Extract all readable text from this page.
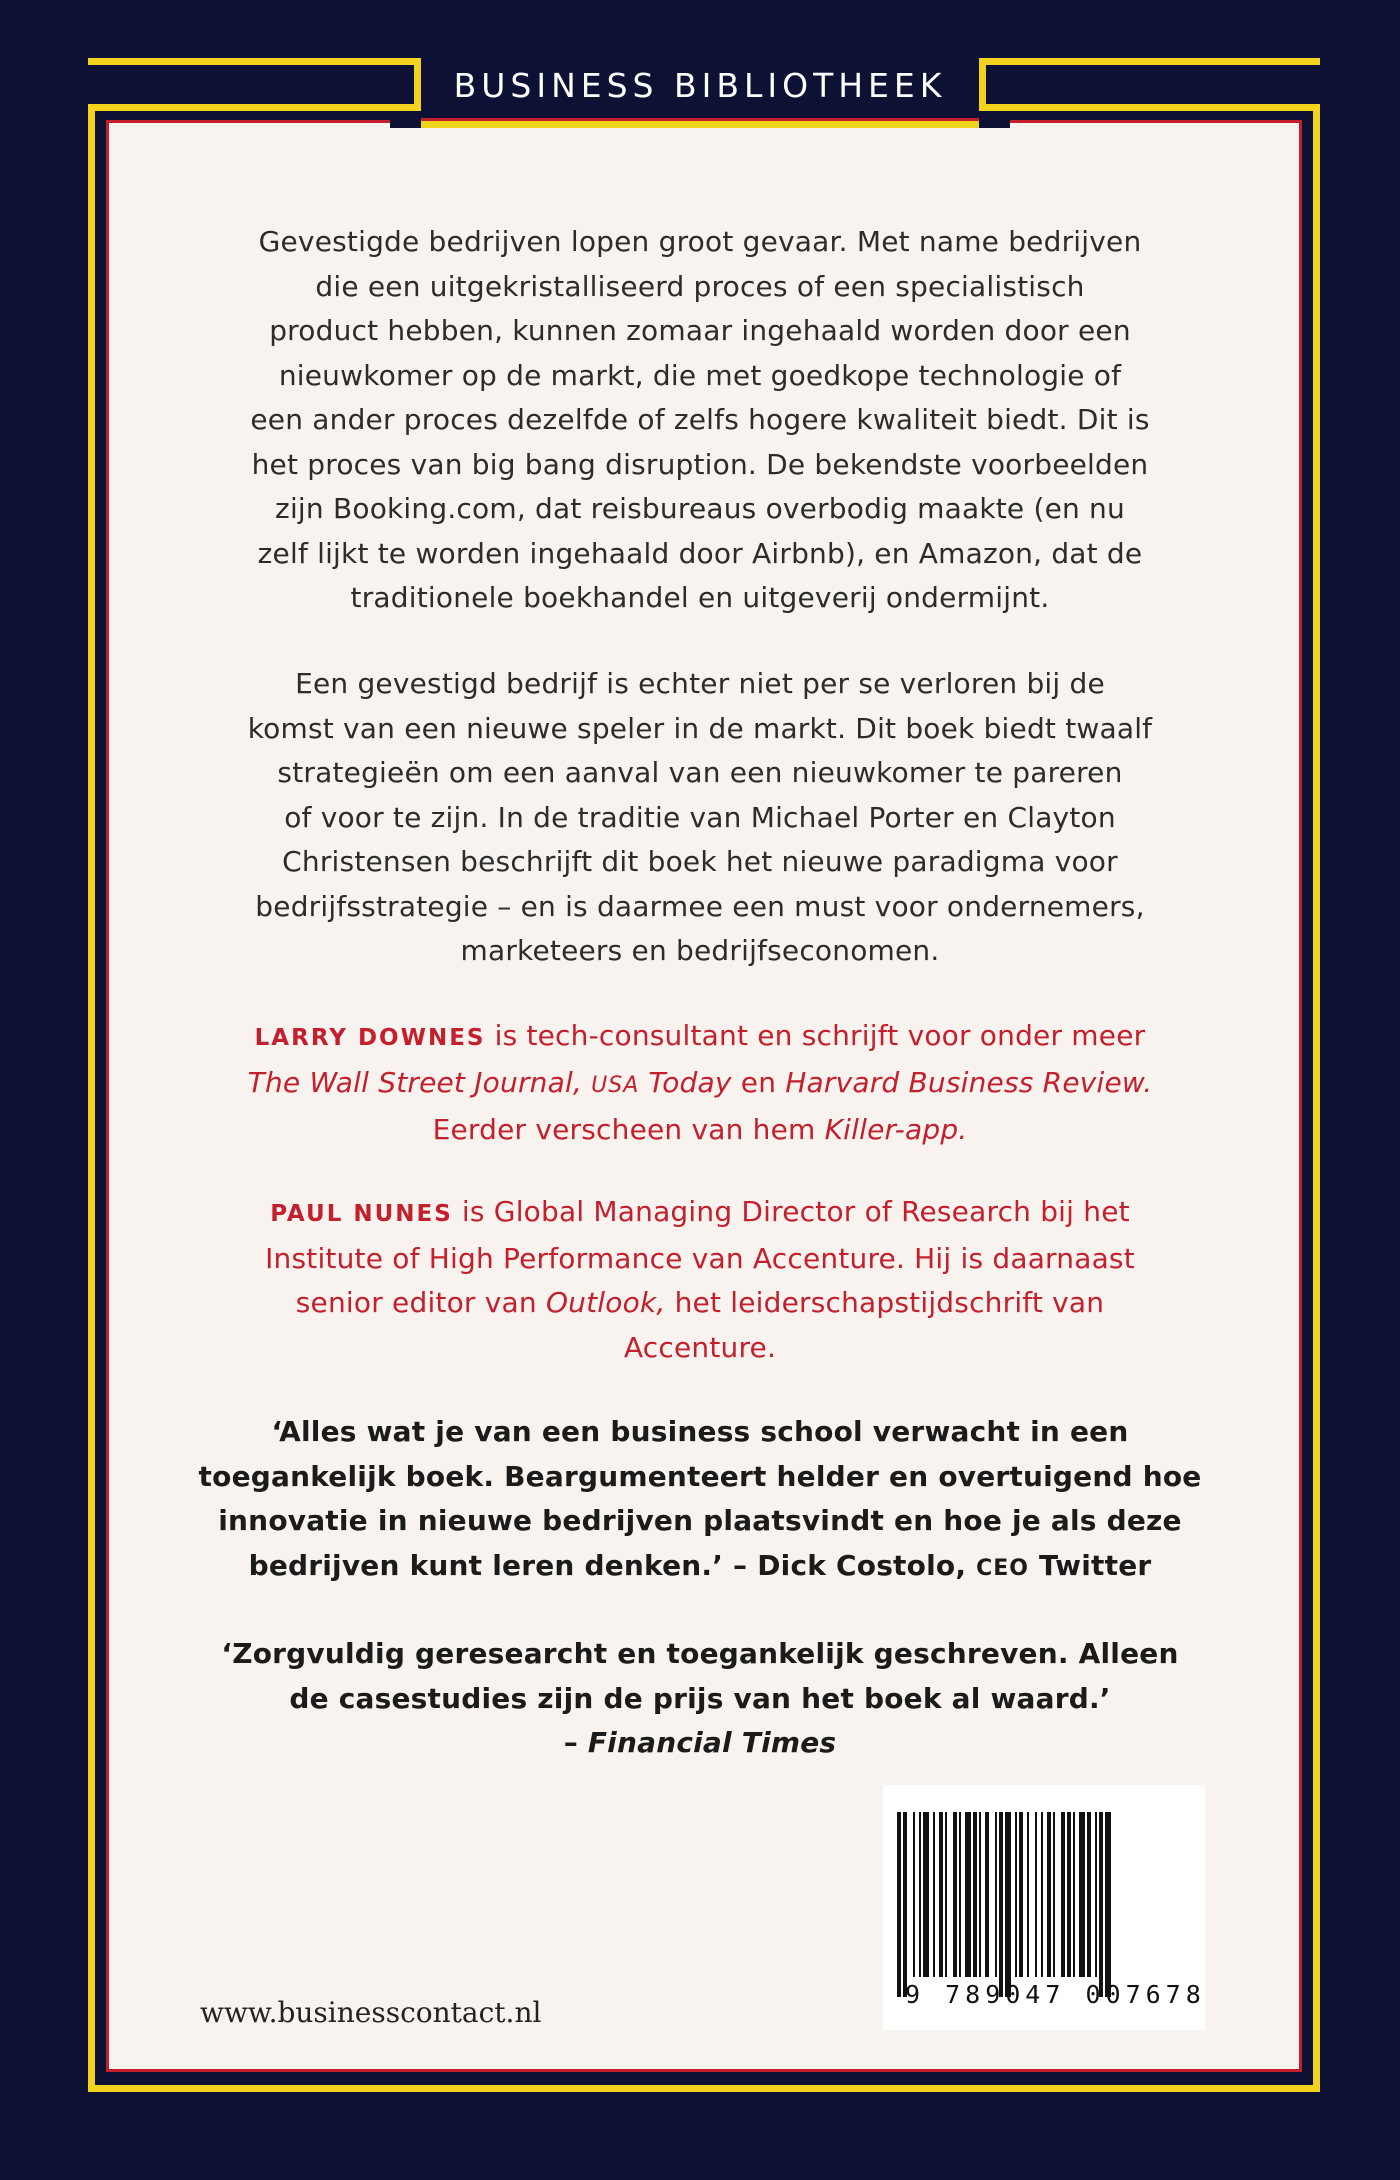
BUSINESS BIBLIOTHEEK
Gevestigde bedrijven lopen groot gevaar. Met name bedrijven
die een uitgekristalliseerd proces of een specialistisch
product hebben, kunnen zomaar ingehaald worden door een
nieuwkomer op de markt, die met goedkope technologie of
een ander proces dezelfde of zelfs hogere kwaliteit biedt. Dit is
het proces van big bang disruption. De bekendste voorbeelden
zijn Booking.com, dat reisbureaus overbodig maakte (en nu
zelf lijkt te worden ingehaald door Airbnb), en Amazon, dat de
traditionele boekhandel en uitgeverij ondermijnt.
Een gevestigd bedrijf is echter niet per se verloren bij de
komst van een nieuwe speler in de markt. Dit boek biedt twaalf
strategieën om een aanval van een nieuwkomer te pareren
of voor te zijn. In de traditie van Michael Porter en Clayton
Christensen beschrijft dit boek het nieuwe paradigma voor
bedrijfsstrategie – en is daarmee een must voor ondernemers,
marketeers en bedrijfseconomen.
LARRY DOWNES is tech-consultant en schrijft voor onder meer
The Wall Street Journal, USA Today en Harvard Business Review.
Eerder verscheen van hem Killer-app.
PAUL NUNES is Global Managing Director of Research bij het
Institute of High Performance van Accenture. Hij is daarnaast
senior editor van Outlook, het leiderschapstijdschrift van
Accenture.
‘Alles wat je van een business school verwacht in een
toegankelijk boek. Beargumenteert helder en overtuigend hoe
innovatie in nieuwe bedrijven plaatsvindt en hoe je als deze
bedrijven kunt leren denken.’ – Dick Costolo, CEO Twitter
‘Zorgvuldig geresearcht en toegankelijk geschreven. Alleen
de casestudies zijn de prijs van het boek al waard.’
– Financial Times
9 789047 007678
www.businesscontact.nl
